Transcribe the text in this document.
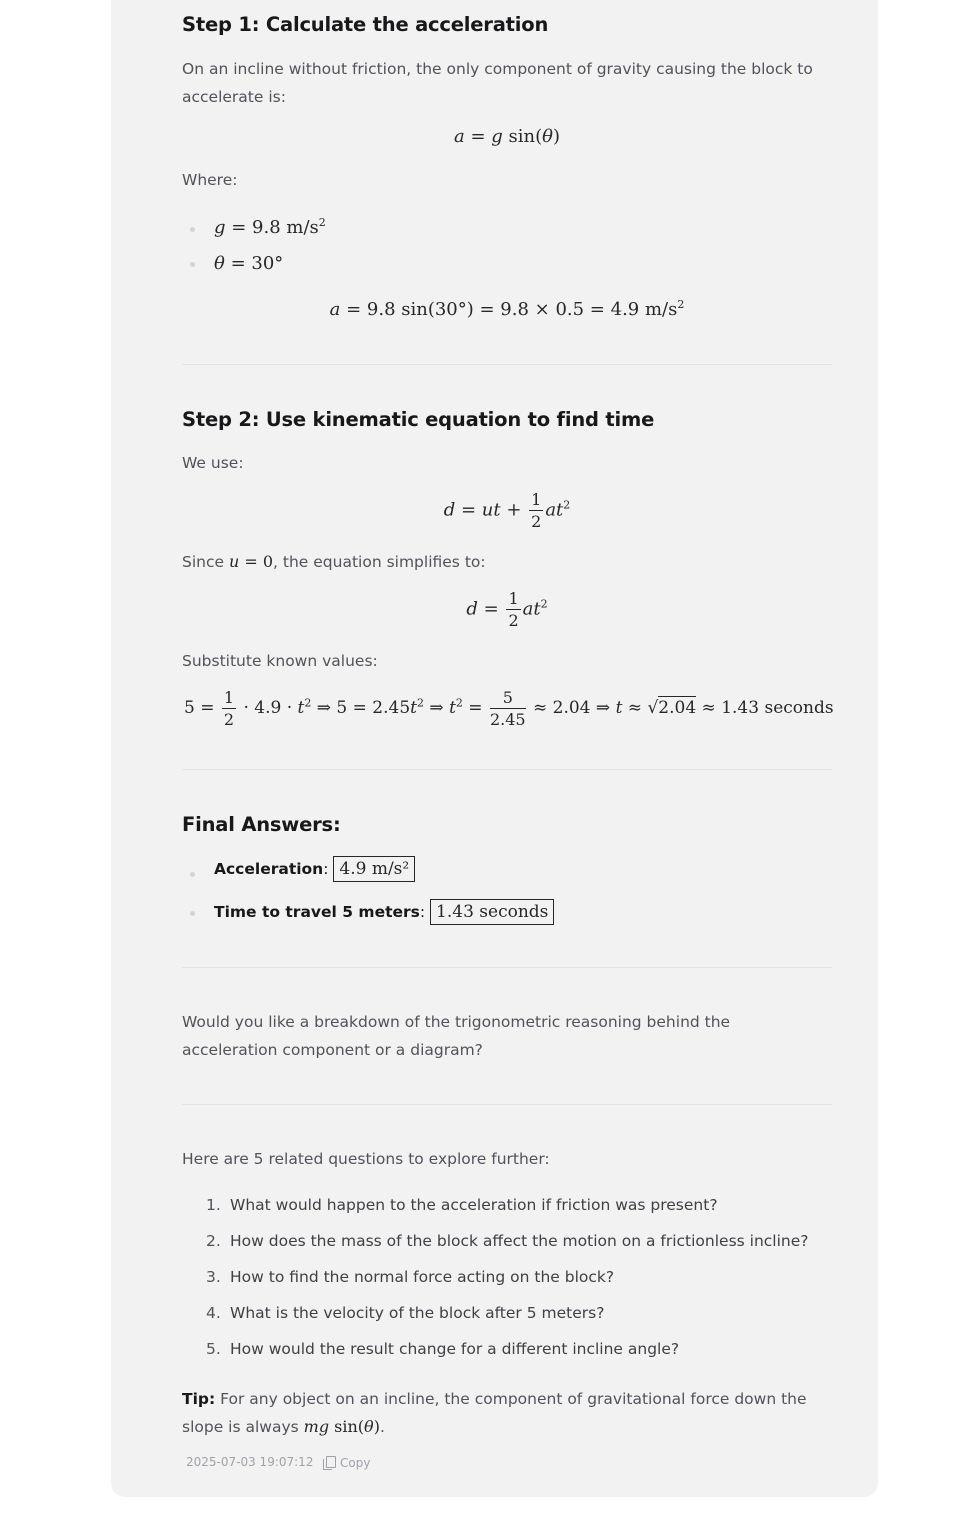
Step 1: Calculate the acceleration

On an incline without friction, the only component of gravity causing the block to accelerate is:

a = g sin(θ)

Where:

g = 9.8 $m/s^2$
θ = 30°
a = 9.8 sin(30°) = 9.8 × 0.5 = 4.9 $m/s^2$
Step 2: Use kinematic equation to find time

We use:

d = ut + $\frac{1}{2} at^2$

Since u = 0, the equation simplifies to:

$d = \frac{1}{2} at^2$

Substitute known values:

$5 = \frac{1}{2} \cdot 4.9 \cdot t^2$ ⇒ $5 = 2.45t^2$ ⇒ $t^2 = \frac{5}{2.45} \approx 2.04$ ⇒ t ≈ √2.04 ≈ 1.43 seconds
Final Answers:
Acceleration: 4.9 m/s²
Time to travel 5 meters: 1.43 seconds

Would you like a breakdown of the trigonometric reasoning behind the acceleration component or a diagram?

Here are 5 related questions to explore further:

1. What would happen to the acceleration if friction was present?
2. How does the mass of the block affect the motion on a frictionless incline?
3. How to find the normal force acting on the block?
4. What is the velocity of the block after 5 meters?
5. How would the result change for a different incline angle?

Tip: For any object on an incline, the component of gravitational force down the slope is always mg sin(θ).

2025-07-03 19:07:12	Copy
